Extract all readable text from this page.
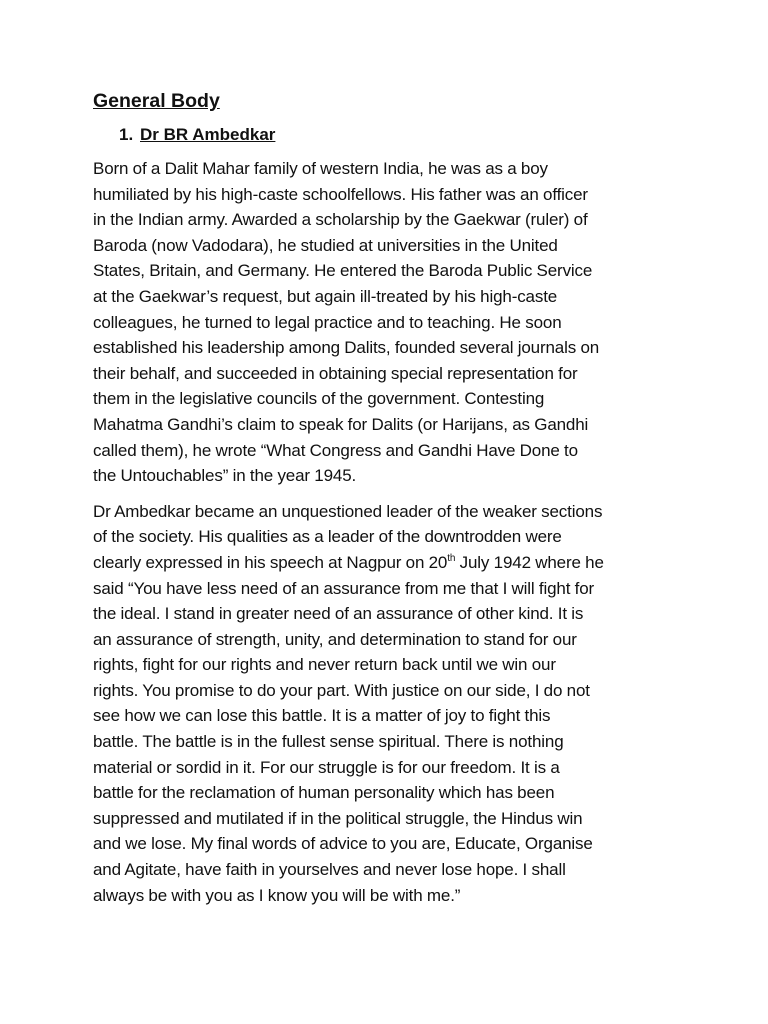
General Body
1. Dr BR Ambedkar

Born of a Dalit Mahar family of western India, he was as a boy
humiliated by his high-caste schoolfellows. His father was an officer
in the Indian army. Awarded a scholarship by the Gaekwar (ruler) of
Baroda (now Vadodara), he studied at universities in the United
States, Britain, and Germany. He entered the Baroda Public Service
at the Gaekwar’s request, but again ill-treated by his high-caste
colleagues, he turned to legal practice and to teaching. He soon
established his leadership among Dalits, founded several journals on
their behalf, and succeeded in obtaining special representation for
them in the legislative councils of the government. Contesting
Mahatma Gandhi’s claim to speak for Dalits (or Harijans, as Gandhi
called them), he wrote “What Congress and Gandhi Have Done to
the Untouchables” in the year 1945.

Dr Ambedkar became an unquestioned leader of the weaker sections
of the society. His qualities as a leader of the downtrodden were
clearly expressed in his speech at Nagpur on 20th July 1942 where he
said “You have less need of an assurance from me that I will fight for
the ideal. I stand in greater need of an assurance of other kind. It is
an assurance of strength, unity, and determination to stand for our
rights, fight for our rights and never return back until we win our
rights. You promise to do your part. With justice on our side, I do not
see how we can lose this battle. It is a matter of joy to fight this
battle. The battle is in the fullest sense spiritual. There is nothing
material or sordid in it. For our struggle is for our freedom. It is a
battle for the reclamation of human personality which has been
suppressed and mutilated if in the political struggle, the Hindus win
and we lose. My final words of advice to you are, Educate, Organise
and Agitate, have faith in yourselves and never lose hope. I shall
always be with you as I know you will be with me.”
